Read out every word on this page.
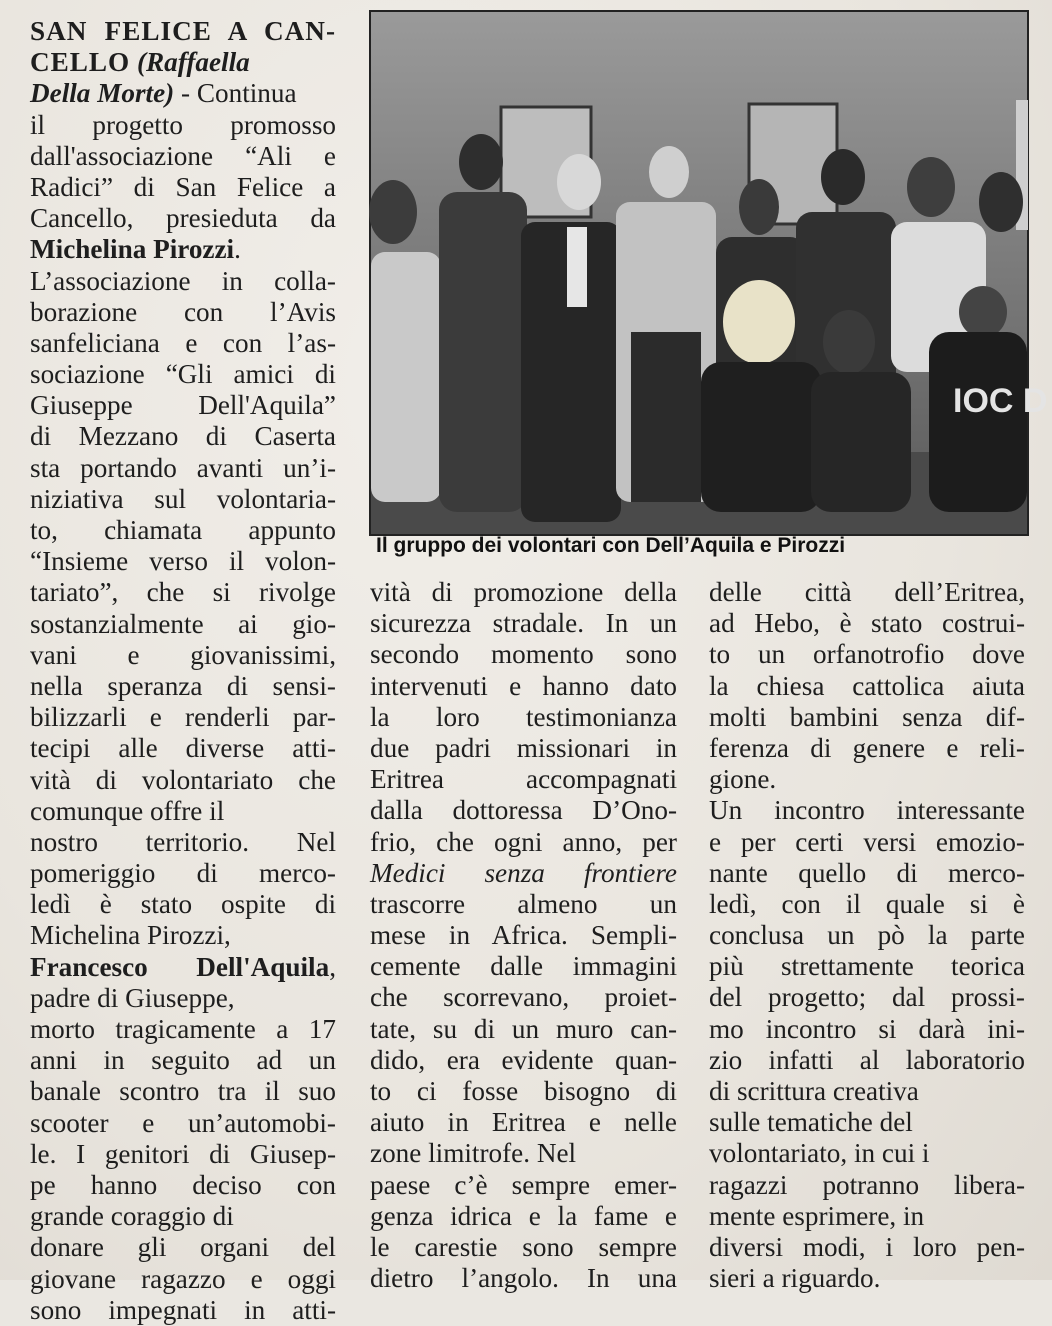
SAN FELICE A CAN-
CELLO (Raffaella
Della Morte) - Continua
il progetto promosso
dall'associazione “Ali e
Radici” di San Felice a
Cancello, presieduta da
Michelina Pirozzi.
L’associazione in colla-
borazione con l’Avis
sanfeliciana e con l’as-
sociazione “Gli amici di
Giuseppe Dell'Aquila”
di Mezzano di Caserta
sta portando avanti un’i-
niziativa sul volontaria-
to, chiamata appunto
“Insieme verso il volon-
tariato”, che si rivolge
sostanzialmente ai gio-
vani e giovanissimi,
nella speranza di sensi-
bilizzarli e renderli par-
tecipi alle diverse atti-
vità di volontariato che
comunque offre il
nostro territorio. Nel
pomeriggio di merco-
ledì è stato ospite di
Michelina Pirozzi,
Francesco Dell'Aquila,
padre di Giuseppe,
morto tragicamente a 17
anni in seguito ad un
banale scontro tra il suo
scooter e un’automobi-
le. I genitori di Giusep-
pe hanno deciso con
grande coraggio di
donare gli organi del
giovane ragazzo e oggi
sono impegnati in atti-
IOC D
Il gruppo dei volontari con Dell’Aquila e Pirozzi
vità di promozione della
sicurezza stradale. In un
secondo momento sono
intervenuti e hanno dato
la loro testimonianza
due padri missionari in
Eritrea accompagnati
dalla dottoressa D’Ono-
frio, che ogni anno, per
Medici senza frontiere
trascorre almeno un
mese in Africa. Sempli-
cemente dalle immagini
che scorrevano, proiet-
tate, su di un muro can-
dido, era evidente quan-
to ci fosse bisogno di
aiuto in Eritrea e nelle
zone limitrofe. Nel
paese c’è sempre emer-
genza idrica e la fame e
le carestie sono sempre
dietro l’angolo. In una
delle città dell’Eritrea,
ad Hebo, è stato costrui-
to un orfanotrofio dove
la chiesa cattolica aiuta
molti bambini senza dif-
ferenza di genere e reli-
gione.
Un incontro interessante
e per certi versi emozio-
nante quello di merco-
ledì, con il quale si è
conclusa un pò la parte
più strettamente teorica
del progetto; dal prossi-
mo incontro si darà ini-
zio infatti al laboratorio
di scrittura creativa
sulle tematiche del
volontariato, in cui i
ragazzi potranno libera-
mente esprimere, in
diversi modi, i loro pen-
sieri a riguardo.
